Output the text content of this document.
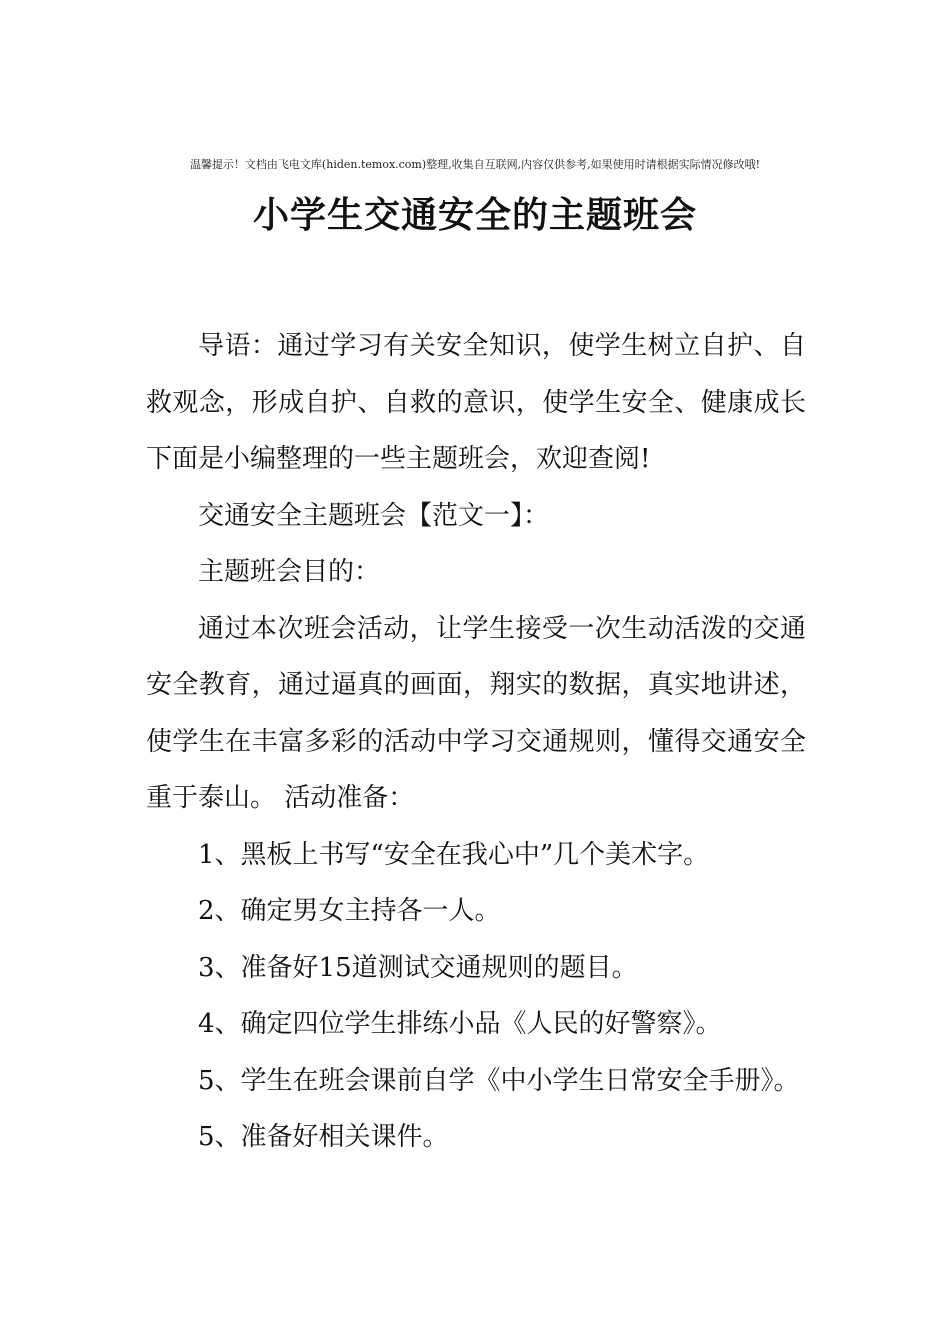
温馨提示！文档由飞电文库(hiden.temox.com)整理,收集自互联网,内容仅供参考,如果使用时请根据实际情况修改哦!
小学生交通安全的主题班会

导语：通过学习有关安全知识，使学生树立自护、自救观念，形成自护、自救的意识，使学生安全、健康成长下面是小编整理的一些主题班会，欢迎查阅!

交通安全主题班会【范文一】：

主题班会目的：

通过本次班会活动，让学生接受一次生动活泼的交通安全教育，通过逼真的画面，翔实的数据，真实地讲述，使学生在丰富多彩的活动中学习交通规则，懂得交通安全重于泰山。 活动准备：

1、黑板上书写“安全在我心中”几个美术字。

2、确定男女主持各一人。

3、准备好15道测试交通规则的题目。

4、确定四位学生排练小品《人民的好警察》。

5、学生在班会课前自学《中小学生日常安全手册》。

5、准备好相关课件。
